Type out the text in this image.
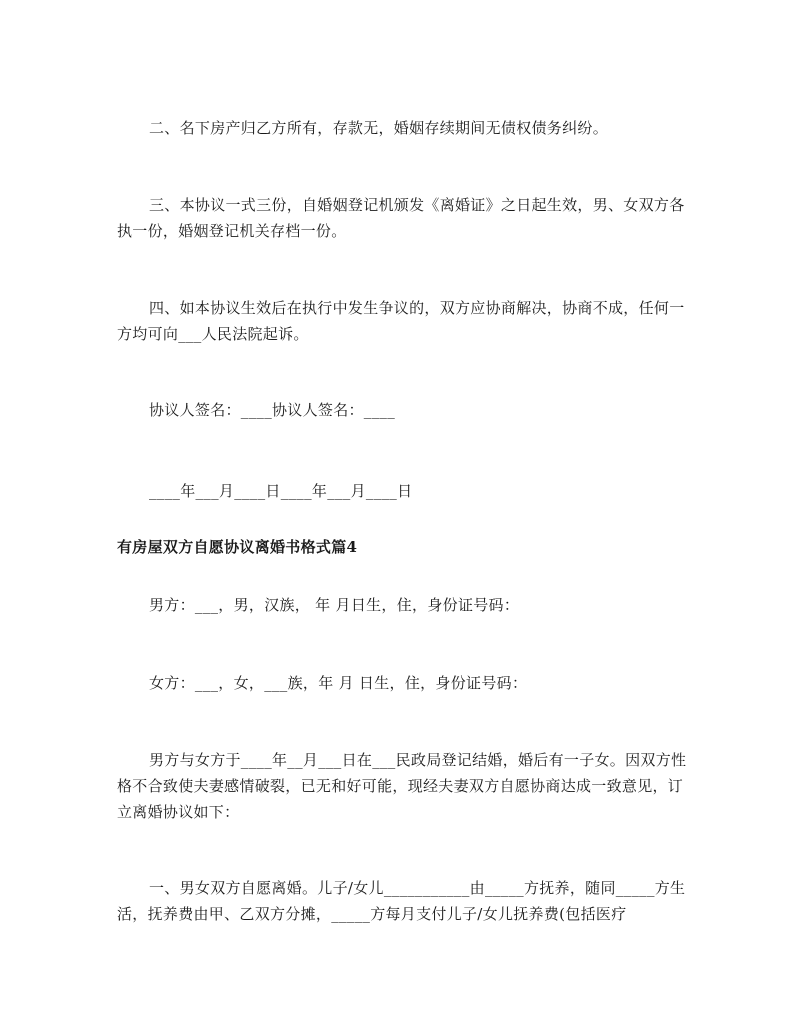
二、名下房产归乙方所有，存款无，婚姻存续期间无债权债务纠纷。

三、本协议一式三份，自婚姻登记机颁发《离婚证》之日起生效，男、女双方各执一份，婚姻登记机关存档一份。

四、如本协议生效后在执行中发生争议的，双方应协商解决，协商不成，任何一方均可向___人民法院起诉。

协议人签名：____协议人签名：____

____年___月____日____年___月____日

有房屋双方自愿协议离婚书格式篇4

男方：___，男，汉族， 年 月日生，住，身份证号码：

女方：___，女，___族，年 月 日生，住，身份证号码：

男方与女方于____年__月___日在___民政局登记结婚，婚后有一子女。因双方性格不合致使夫妻感情破裂，已无和好可能，现经夫妻双方自愿协商达成一致意见，订立离婚协议如下：

一、男女双方自愿离婚。儿子/女儿___________由_____方抚养，随同_____方生活，抚养费由甲、乙双方分摊，_____方每月支付儿子/女儿抚养费(包括医疗
